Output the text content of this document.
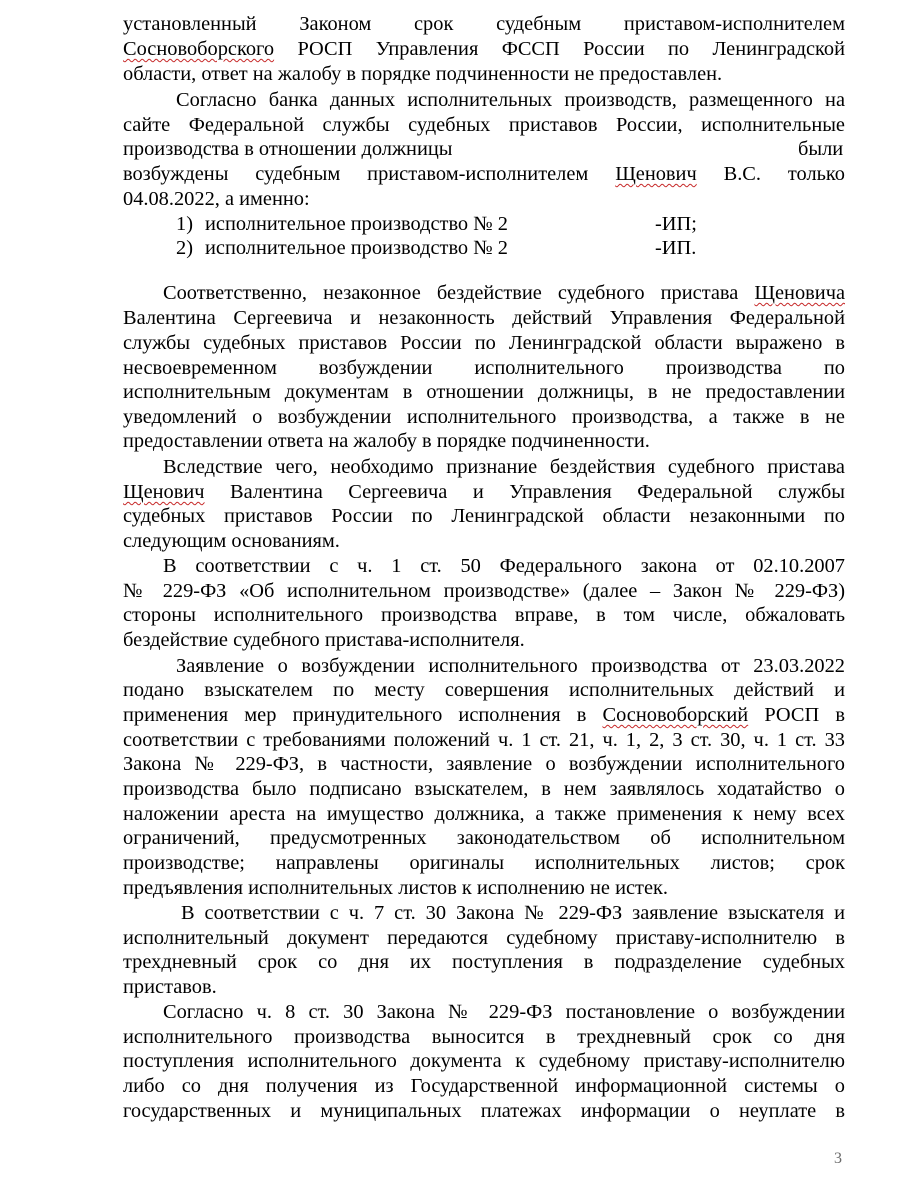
установленный Законом срок судебным приставом-исполнителем
Сосновоборского РОСП Управления ФССП России по Ленинградской
области, ответ на жалобу в порядке подчиненности не предоставлен.
Согласно банка данных исполнительных производств, размещенного на
сайте Федеральной службы судебных приставов России, исполнительные
производства в отношении должницы	были
возбуждены судебным приставом-исполнителем Щенович В.С. только
04.08.2022, а именно:
1) исполнительное производство № 2	-ИП;
2) исполнительное производство № 2	-ИП.
Соответственно, незаконное бездействие судебного пристава Щеновича
Валентина Сергеевича и незаконность действий Управления Федеральной
службы судебных приставов России по Ленинградской области выражено в
несвоевременном возбуждении исполнительного производства по
исполнительным документам в отношении должницы, в не предоставлении
уведомлений о возбуждении исполнительного производства, а также в не
предоставлении ответа на жалобу в порядке подчиненности.
Вследствие чего, необходимо признание бездействия судебного пристава
Щенович Валентина Сергеевича и Управления Федеральной службы
судебных приставов России по Ленинградской области незаконными по
следующим основаниям.
В соответствии с ч. 1 ст. 50 Федерального закона от 02.10.2007
№ 229-ФЗ «Об исполнительном производстве» (далее – Закон № 229-ФЗ)
стороны исполнительного производства вправе, в том числе, обжаловать
бездействие судебного пристава-исполнителя.
Заявление о возбуждении исполнительного производства от 23.03.2022
подано взыскателем по месту совершения исполнительных действий и
применения мер принудительного исполнения в Сосновоборский РОСП в
соответствии с требованиями положений ч. 1 ст. 21, ч. 1, 2, 3 ст. 30, ч. 1 ст. 33
Закона № 229-ФЗ, в частности, заявление о возбуждении исполнительного
производства было подписано взыскателем, в нем заявлялось ходатайство о
наложении ареста на имущество должника, а также применения к нему всех
ограничений, предусмотренных законодательством об исполнительном
производстве; направлены оригиналы исполнительных листов; срок
предъявления исполнительных листов к исполнению не истек.
В соответствии с ч. 7 ст. 30 Закона № 229-ФЗ заявление взыскателя и
исполнительный документ передаются судебному приставу-исполнителю в
трехдневный срок со дня их поступления в подразделение судебных
приставов.
Согласно ч. 8 ст. 30 Закона № 229-ФЗ постановление о возбуждении
исполнительного производства выносится в трехдневный срок со дня
поступления исполнительного документа к судебному приставу-исполнителю
либо со дня получения из Государственной информационной системы о
государственных и муниципальных платежах информации о неуплате в
3
